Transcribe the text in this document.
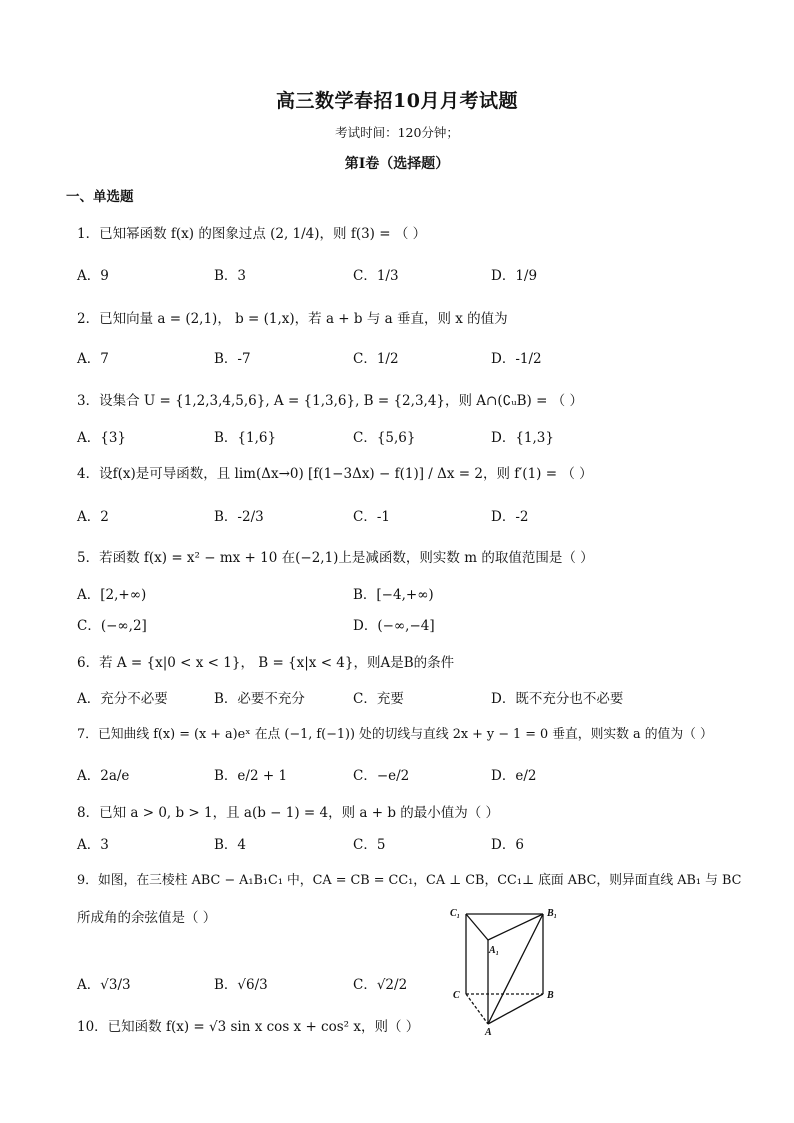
高三数学春招10月月考试题
考试时间：120分钟；
第I卷（选择题）
一、单选题
1．已知幂函数 f(x) 的图象过点 (2, 1/4)，则 f(3) = （ ）
A．9	B．3	C．1/3	D．1/9
2．已知向量 a = (2,1)， b = (1,x)，若 a + b 与 a 垂直，则 x 的值为
A．7	B．-7	C．1/2	D．-1/2
3．设集合 U = {1,2,3,4,5,6}, A = {1,3,6}, B = {2,3,4}，则 A∩(∁ᵤB) = （ ）
A．{3}	B．{1,6}	C．{5,6}	D．{1,3}
4．设f(x)是可导函数，且 lim(Δx→0) [f(1−3Δx) − f(1)] / Δx = 2，则 f′(1) = （ ）
A．2	B．-2/3	C．-1	D．-2
5．若函数 f(x) = x² − mx + 10 在(−2,1)上是减函数，则实数 m 的取值范围是（ ）
A．[2,+∞)	B．[−4,+∞)
C．(−∞,2]	D．(−∞,−4]
6．若 A = {x|0 < x < 1}， B = {x|x < 4}，则A是B的条件
A．充分不必要	B．必要不充分	C．充要	D．既不充分也不必要
7．已知曲线 f(x) = (x + a)eˣ 在点 (−1, f(−1)) 处的切线与直线 2x + y − 1 = 0 垂直，则实数 a 的值为（ ）
A．2a/e	B．e/2 + 1	C．−e/2	D．e/2
8．已知 a > 0, b > 1，且 a(b − 1) = 4，则 a + b 的最小值为（ ）
A．3	B．4	C．5	D．6
9．如图，在三棱柱 ABC − A₁B₁C₁ 中，CA = CB = CC₁，CA ⊥ CB，CC₁⊥ 底面 ABC，则异面直线 AB₁ 与 BC
所成角的余弦值是（ ）
A．√3/3	B．√6/3	C．√2/2
10．已知函数 f(x) = √3 sin x cos x + cos² x，则（ ）
C₁	B₁
A₁
C	B
A
